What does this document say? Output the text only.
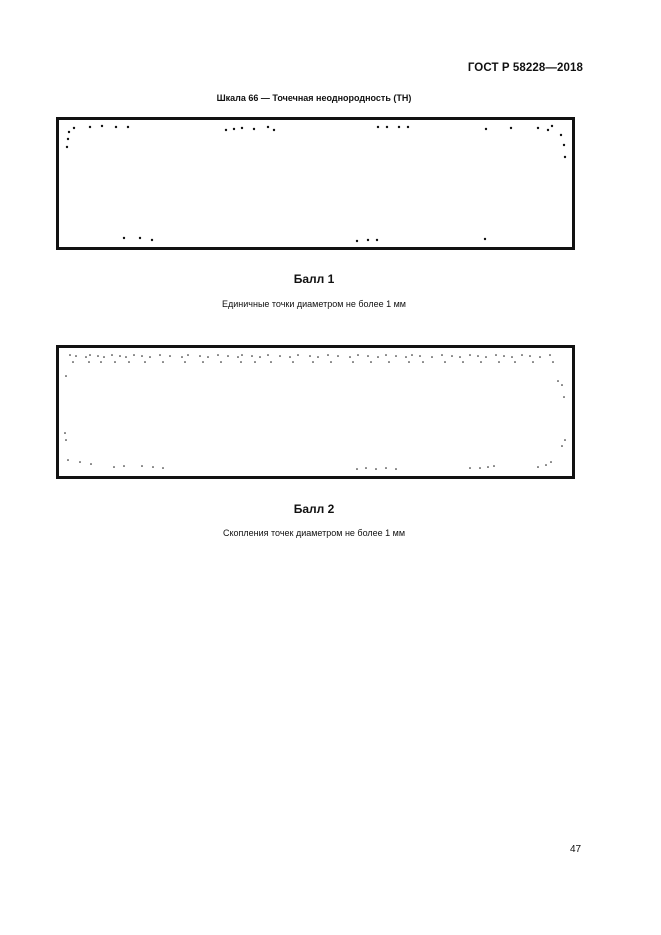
ГОСТ Р 58228—2018
Шкала 66 — Точечная неоднородность (ТН)
Балл 1
Единичные точки диаметром не более 1 мм
Балл 2
Скопления точек диаметром не более 1 мм
47
